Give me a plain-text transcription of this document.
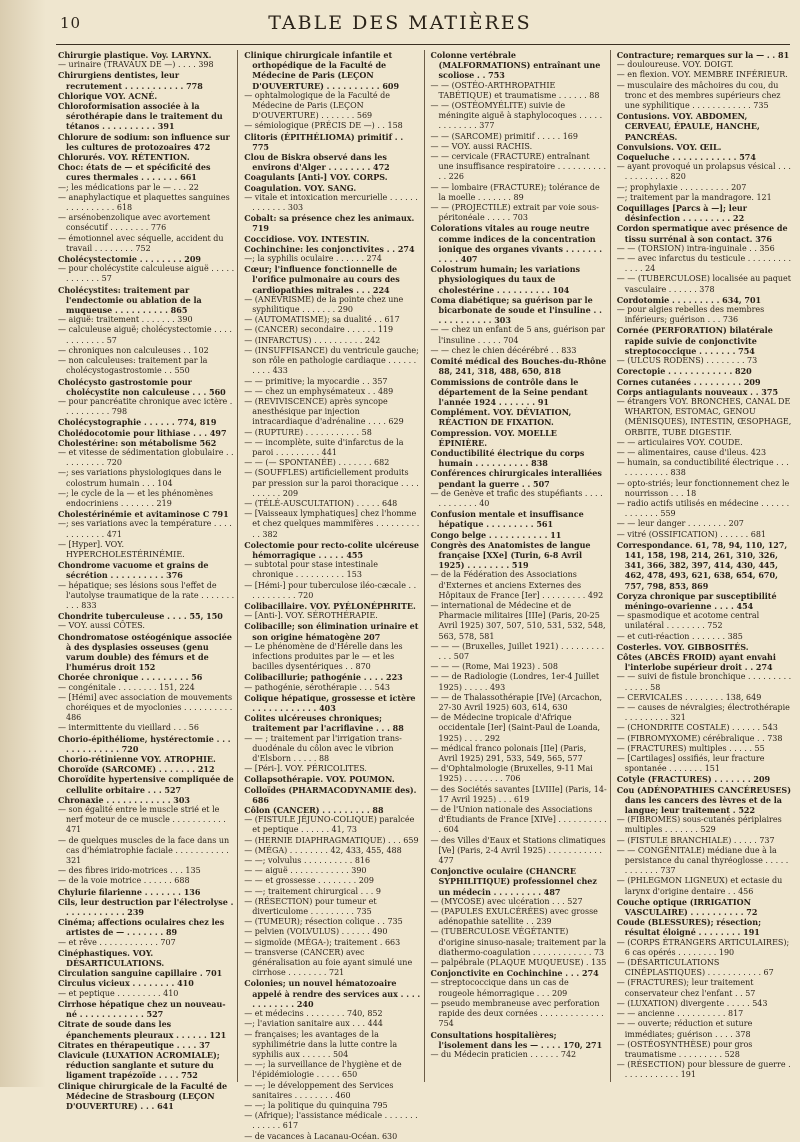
10	TABLE DES MATIÈRES

Chirurgie plastique. Voy. LARYNX.

— urinaire (TRAVAUX DE —) . . . . 398

Chirurgiens dentistes, leur recrutement . . . . . . . . . . . 778

Chlorique VOY. ACNÉ.

Chloroformisation associée à la sérothérapie dans le traitement du tétanos . . . . . . . . . . 391

Chlorure de sodium: son influence sur les cultures de protozoaires 472

Chlorurés. VOY. RÉTENTION.

Choc: états de — et spécificité des cures thermales . . . . . . . 661

—; les médications par le — . . . 22

— anaphylactique et plaquettes sanguines . . . . . . . . . . 618

— arsénobenzolique avec avortement consécutif . . . . . . . . 776

— émotionnel avec séquelle, accident du travail . . . . . . . . 752

Cholécystectomie . . . . . . . . 209

— pour cholécystite calculeuse aiguë . . . . . . . . . . . . 57

Cholécystites: traitement par l'endectomie ou ablation de la muqueuse . . . . . . . . . . 865

— aiguë: traitement . . . . . . . 390

— calculeuse aiguë; cholécystectomie . . . . . . . . . . . . 57

— chroniques non calculeuses . . 102

— non calculeuses: traitement par la cholécystogastrostomie . . 550

Cholécysto gastrostomie pour cholécystite non calculeuse . . . 560

— pour pancréatite chronique avec ictère . . . . . . . . . . 798

Cholécystographie . . . . . . 774, 819

Cholédocotomie pour lithiase . . . 497

Cholestérine: son métabolisme 562

— et vitesse de sédimentation globulaire . . . . . . . . . . 720

—; ses variations physiologiques dans le colostrum humain . . . 104

—; le cycle de la — et les phénomènes endocriniens . . . . . . . 219

Cholestérinémie et avitaminose C 791

—; ses variations avec la température . . . . . . . . . . . . 471

— [Hyper]. VOY. HYPERCHOLESTÉRINÉMIE.

Chondrome vacuome et grains de sécrétion . . . . . . . . . . 376

— hépatique; ses lésions sous l'effet de l'autolyse traumatique de la rate . . . . . . . . . . 833

Chondrite tuberculeuse . . . . 55, 150

— VOY. aussi CÔTES.

Chondromatose ostéogénique associée à des dysplasies osseuses (genu varum double) des fémurs et de l'humérus droit 152

Chorée chronique . . . . . . . . . 56

— congénitale . . . . . . . . 151, 224

— [Hémi] avec association de mouvements choréiques et de myoclonies . . . . . . . . . . 486

— intermittente du vieillard . . . 56

Chorio-épithéliome, hystérectomie . . . . . . . . . . . . . 720

Chorio-rétinienne VOY. ATROPHIE.

Choroïde (SARCOME) . . . . . . . 212

Choroïdite hypertensive compliquée de cellulite orbitaire . . . 527

Chronaxie . . . . . . . . . . . . 303

— son égalité entre le muscle strié et le nerf moteur de ce muscle . . . . . . . . . . . 471

— de quelques muscles de la face dans un cas d'hémiatrophie faciale . . . . . . . . . . . 321

— des fibres irido-motrices . . . 135

— de la voie motrice . . . . . . 688

Chylurie filarienne . . . . . . . 136

Cils, leur destruction par l'électrolyse . . . . . . . . . . . . 239

Cinéma; affections oculaires chez les artistes de — . . . . . . . 89

— et rêve . . . . . . . . . . . . 707

Cinéphastiques. VOY. DÉSARTICULATIONS.

Circulation sanguine capillaire . 701

Circulus vicieux . . . . . . . . 410

— et peptique . . . . . . . . . 410

Cirrhose hépatique chez un nouveau-né . . . . . . . . . . . . 527

Citrate de soude dans les épanchements pleuraux . . . . . . 121

Citrates en thérapeutique . . . . 37

Clavicule (LUXATION ACROMIALE); réduction sanglante et suture du ligament trapézoïde . . . . 752

Clinique chirurgicale de la Faculté de Médecine de Strasbourg (LEÇON D'OUVERTURE) . . . 641

Clinique chirurgicale infantile et orthopédique de la Faculté de Médecine de Paris (LEÇON D'OUVERTURE) . . . . . . . . . . 609

— ophtalmologique de la Faculté de Médecine de Paris (LEÇON D'OUVERTURE) . . . . . . . 569

— sémiologique (PRÉCIS DE —) . . 158

Clitoris (ÉPITHÉLIOMA) primitif . . 775

Clou de Biskra observé dans les environs d'Alger . . . . . . . . 472

Coagulants [Anti-] VOY. CORPS.

Coagulation. VOY. SANG.

— vitale et intoxication mercurielle . . . . . . . . . . . . . 303

Cobalt: sa présence chez les animaux. 719

Coccidiose. VOY. INTESTIN.

Cochinchine: les conjonctivites . . 274

—; la syphilis oculaire . . . . . . 274

Cœur; l'influence fonctionnelle de l'orifice pulmonaire au cours des cardiopathies mitrales . . . 224

— (ANÉVRISME) de la pointe chez une syphilitique . . . . . . . 290

— (AUTOMATISME); sa dualité . . 617

— (CANCER) secondaire . . . . . . 119

— (INFARCTUS) . . . . . . . . . . 242

— (INSUFFISANCE) du ventricule gauche; son rôle en pathologie cardiaque . . . . . . . . . . 433

— — primitive; la myocardie . . 357

— — chez un emphysémateux . . 489

— (REVIVISCENCE) après syncope anesthésique par injection intracardiaque d'adrénaline . . . . 629

— (RUPTURE) . . . . . . . . . . . 58

— — incomplète, suite d'infarctus de la paroi . . . . . . . . . 441

— — (— SPONTANÉE) . . . . . . . 682

— (SOUFFLES) artificiellement produits par pression sur la paroi thoracique . . . . . . . . . . 209

— (TÉLÉ-AUSCULTATION) . . . . . 648

— [Vaisseaux lymphatiques] chez l'homme et chez quelques mammifères . . . . . . . . . . . 382

Colectomie pour recto-colite ulcéreuse hémorragique . . . . . 455

— subtotal pour stase intestinale chronique . . . . . . . . . . 153

— [Hémi-] pour tuberculose iléo-cæcale . . . . . . . . . . . 720

Colibacillaire. VOY. PYÉLONÉPHRITE.

— [Anti-]. VOY. SÉROTHÉRAPIE.

Colibacille; son élimination urinaire et son origine hématogène 207

— Le phénomène de d'Hérelle dans les infections produites par le — et les bacilles dysentériques . . 870

Colibacillurie; pathogénie . . . . 223

— pathogénie, sérothérapie . . . 543

Colique hépatique, grossesse et ictère . . . . . . . . . . . . 403

Colites ulcéreuses chroniques; traitement par l'acriflavine . . . 88

— — ; traitement par l'irrigation trans-duodénale du côlon avec le vibrion d'Elsborn . . . . . 88

— [Péri-]. VOY. PÉRICOLITES.

Collapsothérapie. VOY. POUMON.

Colloïdes (PHARMACODYNAMIE des). 686

Côlon (CANCER) . . . . . . . . . 88

— (FISTULE JÉJUNO-COLIQUE) paralcée et peptique . . . . . . 41, 73

— (HERNIE DIAPHRAGMATIQUE) . . . 659

— (MÉGA) . . . . . . . . 42, 433, 455, 488

— —; volvulus . . . . . . . . . . 816

— — aiguë . . . . . . . . . . . . 390

— — et grossesse . . . . . . . . 209

— —; traitement chirurgical . . . 9

— (RÉSECTION) pour tumeur et diverticulome . . . . . . . . . 735

— (TUMEUR); résection colique . . 735

— pelvien (VOLVULUS) . . . . . . 490

— sigmoïde (MÉGA-); traitement . 663

— transverse (CANCER) avec généralisation au foie ayant simulé une cirrhose . . . . . . . . 721

Colonies; un nouvel hématozoaire appelé à rendre des services aux . . . . . . . . . . . . 240

— et médecins . . . . . . . . 740, 852

—; l'aviation sanitaire aux . . . 444

— françaises; les avantages de la syphilimétrie dans la lutte contre la syphilis aux . . . . . . 504

— —; la surveillance de l'hygiène et de l'épidémiologie . . . . . 650

— —; le développement des Services sanitaires . . . . . . . . 460

— —; la politique du quinquina 795

— (Afrique); l'assistance médicale . . . . . . . . . . . . . 617

— de vacances à Lacanau-Océan. 630

Colonne vertébrale (MALFORMATIONS) entraînant une scoliose . . 753

— — (OSTÉO-ARTHROPATHIE TABÉTIQUE) et traumatisme . . . . . . 88

— — (OSTÉOMYÉLITE) suivie de méningite aiguë à staphylocoques . . . . . . . . . . . . . 377

— — (SARCOME) primitif . . . . . 169

— — VOY. aussi RACHIS.

— — cervicale (FRACTURE) entraînant une insuffisance respiratoire . . . . . . . . . . . . 226

— — lombaire (FRACTURE); tolérance de la moelle . . . . . . . 89

— — (PROJECTILE) extrait par voie sous-péritonéale . . . . . 703

Colorations vitales au rouge neutre comme indices de la concentration ionique des organes vivants . . . . . . . . . . . 407

Colostrum humain; les variations physiologiques du taux de cholestérine . . . . . . . . . . 104

Coma diabétique; sa guérison par le bicarbonate de soude et l'insuline . . . . . . . . . . . . 303

— — chez un enfant de 5 ans, guérison par l'insuline . . . . . 704

— — chez le chien décérébré . . 833

Comité médical des Bouches-du-Rhône 88, 241, 318, 488, 650, 818

Commissions de contrôle dans le département de la Seine pendant l'année 1924 . . . . . . . 91

Complément. VOY. DÉVIATION, RÉACTION DE FIXATION.

Compression. VOY. MOELLE ÉPINIÈRE.

Conductibilité électrique du corps humain . . . . . . . . . . 838

Conférences chirurgicales interalliées pendant la guerre . . 507

— de Genève et trafic des stupéfiants . . . . . . . . . . . . 40

Confusion mentale et insuffisance hépatique . . . . . . . . . 561

Congo belge . . . . . . . . . . . 11

Congrès des Anatomistes de langue française [XXe] (Turin, 6-8 Avril 1925) . . . . . . . . 519

— de la Fédération des Associations d'Externes et anciens Externes des Hôpitaux de France [Ier] . . . . . . . . . 492

— international de Médecine et de Pharmacie militaires [IIIe] (Paris, 20-25 Avril 1925) 307, 507, 510, 531, 532, 548, 563, 578, 581

— — — (Bruxelles, Juillet 1921) . . . . . . . . . . . . 507

— — — (Rome, Mai 1923) . 508

— — de Radiologie (Londres, 1er-4 Juillet 1925) . . . . . 493

— — de Thalassothérapie [IVe] (Arcachon, 27-30 Avril 1925) 603, 614, 630

— de Médecine tropicale d'Afrique occidentale [Ier] (Saint-Paul de Loanda, 1925) . . . . 292

— médical franco polonais [IIe] (Paris, Avril 1925) 291, 533, 549, 565, 577

— d'Ophtalmologie (Bruxelles, 9-11 Mai 1925) . . . . . . . . 706

— des Sociétés savantes [LVIIIe] (Paris, 14-17 Avril 1925) . . . 619

— de l'Union nationale des Associations d'Étudiants de France [XIVe] . . . . . . . . . . . 604

— des Villes d'Eaux et Stations climatiques [Ve] (Paris, 2-4 Avril 1925) . . . . . . . . . . . 477

Conjonctive oculaire (CHANCRE SYPHILITIQUE) professionnel chez un médecin . . . . . . . . . 487

— (MYCOSE) avec ulcération . . . 527

— (PAPULES EXULCÉRÉES) avec grosse adénopathie satellite . . 239

— (TUBERCULOSE VÉGÉTANTE) d'origine sinuso-nasale; traitement par la diathermo-coagulation . . . . . . . . . . . . 73

— palpébrale (PLAQUE MUQUEUSE) . 135

Conjonctivite en Cochinchine . . . 274

— streptococcique dans un cas de rougeole hémorragique . . . 209

— pseudo membraneuse avec perforation rapide des deux cornées . . . . . . . . . . . . . 754

Consultations hospitalières; l'isolement dans les — . . . . 170, 271

— du Médecin praticien . . . . . . 742

Contracture; remarques sur la — . . 81

— douloureuse. VOY. DOIGT.

— en flexion. VOY. MEMBRE INFÉRIEUR.

— musculaire des mâchoires du cou, du tronc et des membres supérieurs chez une syphilitique . . . . . . . . . . . . 735

Contusions. VOY. ABDOMEN, CERVEAU, ÉPAULE, HANCHE, PANCRÉAS.

Convulsions. VOY. ŒIL.

Coqueluche . . . . . . . . . . . . 574

— ayant provoqué un prolapsus vésical . . . . . . . . . . . . 820

—; prophylaxie . . . . . . . . . . 207

—; traitement par la mandragore. 121

Coquillages [Parcs à —]; leur désinfection . . . . . . . . . 22

Cordon spermatique avec présence de tissu surrénal à son contact. 376

— — (TORSION) intra-inguinale . . 356

— — avec infarctus du testicule . . . . . . . . . . . . . 24

— — (TUBERCULOSE) localisée au paquet vasculaire . . . . . . 378

Cordotomie . . . . . . . . . 634, 701

— pour algies rebelles des membres inférieurs; guérison . . . 736

Cornée (PERFORATION) bilatérale rapide suivie de conjonctivite streptococcique . . . . . . . 754

— (ULCUS RODENS) . . . . . . . . 73

Corectopie . . . . . . . . . . . . 820

Cornes cutanées . . . . . . . . . 209

Corps antiagulants nouveaux . . 375

— étrangers VOY. BRONCHES, CANAL DE WHARTON, ESTOMAC, GENOU (MÉNISQUES), INTESTIN, ŒSOPHAGE, ORBITE, TUBE DIGESTIF.

— — articulaires VOY. COUDE.

— — alimentaires, cause d'ileus. 423

— humain, sa conductibilité électrique . . . . . . . . . . . . 838

— opto-striés; leur fonctionnement chez le nourrisson . . . 18

— radio actifs utilisés en médecine . . . . . . . . . . . . . 559

— — leur danger . . . . . . . . 207

— vitré (OSSIFICATION) . . . . . . 681

Correspondance. 61, 78, 94, 110, 127, 141, 158, 198, 214, 261, 310, 326, 341, 366, 382, 397, 414, 430, 445, 462, 478, 493, 621, 638, 654, 670, 757, 798, 853, 869

Coryza chronique par susceptibilité méningo-ovarienne . . . . 454

— spasmodique et acotome central unilatéral . . . . . . . . 752

— et cuti-réaction . . . . . . . 385

Costerles. VOY. GIBBOSITÉS.

Côtes (ABCÈS FROID) ayant envahi l'interlobe supérieur droit . . 274

— — suivi de fistule bronchique . . . . . . . . . . . . . . 58

— CERVICALES . . . . . . . . 138, 649

— — causes de névralgies; électrothérapie . . . . . . . . . 321

— (CHONDRITE COSTALE) . . . . . . 543

— (FIBROMYXOME) cérébralique . . 738

— (FRACTURES) multiples . . . . . 55

— [Cartilages] ossifiés, leur fracture spontanée . . . . . . . 151

Cotyle (FRACTURES) . . . . . . . 209

Cou (ADÉNOPATHIES CANCÉREUSES) dans les cancers des lèvres et de la langue; leur traitement . 522

— (FIBROMES) sous-cutanés périplaires multiples . . . . . . . 529

— (FISTULE BRANCHIALE) . . . . . 737

— — CONGÉNITALE) médiane due à la persistance du canal thyréoglosse . . . . . . . . . . . . 737

— (PHLEGMON LIGNEUX) et ectasie du larynx d'origine dentaire . . 456

Couche optique (IRRIGATION VASCULAIRE) . . . . . . . . . . 72

Coude (BLESSURES); résection; résultat éloigné . . . . . . . . 191

— (CORPS ÉTRANGERS ARTICULAIRES); 6 cas opérés . . . . . . . . 190

— (DÉSARTICULATIONS CINÉPLASTIQUES) . . . . . . . . . . . 67

— (FRACTURES); leur traitement conservateur chez l'enfant . . 57

— (LUXATION) divergente . . . . . 543

— — ancienne . . . . . . . . . . 817

— — ouverte; réduction et suture immédiates; guérison . . . . 378

— (OSTÉOSYNTHÈSE) pour gros traumatisme . . . . . . . . . 528

— (RÉSECTION) pour blessure de guerre . . . . . . . . . . . . 191
